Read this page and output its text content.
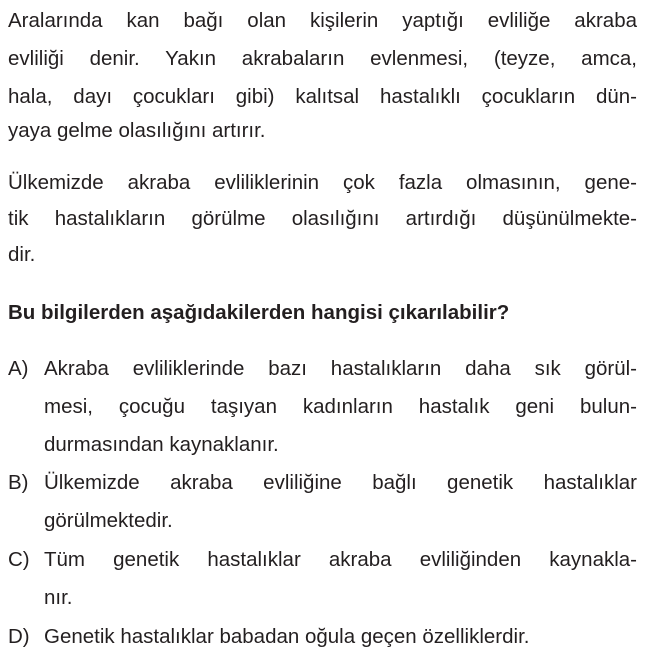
Aralarında kan bağı olan kişilerin yaptığı evliliğe akraba
evliliği denir. Yakın akrabaların evlenmesi, (teyze, amca,
hala, dayı çocukları gibi) kalıtsal hastalıklı çocukların dün-
yaya gelme olasılığını artırır.
Ülkemizde akraba evliliklerinin çok fazla olmasının, gene-
tik hastalıkların görülme olasılığını artırdığı düşünülmekte-
dir.
Bu bilgilerden aşağıdakilerden hangisi çıkarılabilir?
A) Akraba evliliklerinde bazı hastalıkların daha sık görül-
mesi, çocuğu taşıyan kadınların hastalık geni bulun-
durmasından kaynaklanır.
B) Ülkemizde akraba evliliğine bağlı genetik hastalıklar
görülmektedir.
C) Tüm genetik hastalıklar akraba evliliğinden kaynakla-
nır.
D) Genetik hastalıklar babadan oğula geçen özelliklerdir.
